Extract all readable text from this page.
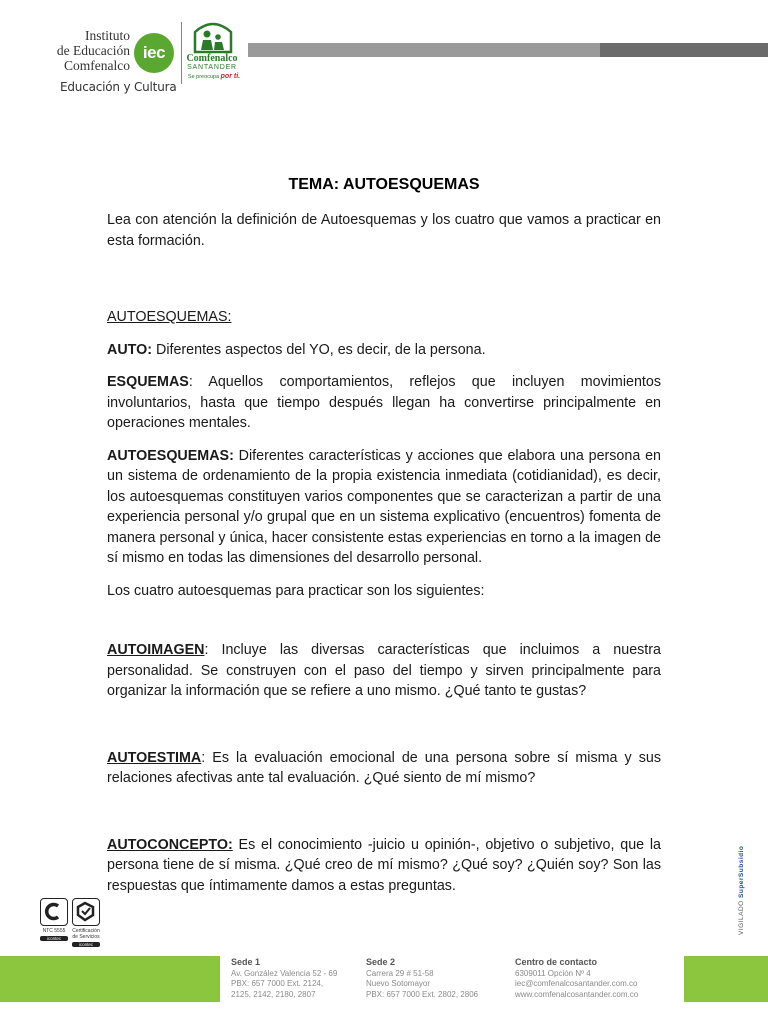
Instituto
de Educación
Comfenalco
iec
Educación y Cultura
Comfenalco
SANTANDER
Se preocupa por ti.
TEMA: AUTOESQUEMAS

Lea con atención la definición de Autoesquemas y los cuatro que vamos a practicar en esta formación.

AUTOESQUEMAS:

AUTO: Diferentes aspectos del YO, es decir, de la persona.

ESQUEMAS: Aquellos comportamientos, reflejos que incluyen movimientos involuntarios, hasta que tiempo después llegan ha convertirse principalmente en operaciones mentales.

AUTOESQUEMAS: Diferentes características y acciones que elabora una persona en un sistema de ordenamiento de la propia existencia inmediata (cotidianidad), es decir, los autoesquemas constituyen varios componentes que se caracterizan a partir de una experiencia personal y/o grupal que en un sistema explicativo (encuentros) fomenta de manera personal y única, hacer consistente estas experiencias en torno a la imagen de sí mismo en todas las dimensiones del desarrollo personal.

Los cuatro autoesquemas para practicar son los siguientes:

AUTOIMAGEN: Incluye las diversas características que incluimos a nuestra personalidad. Se construyen con el paso del tiempo y sirven principalmente para organizar la información que se refiere a uno mismo. ¿Qué tanto te gustas?

AUTOESTIMA: Es la evaluación emocional de una persona sobre sí misma y sus relaciones afectivas ante tal evaluación. ¿Qué siento de mí mismo?

AUTOCONCEPTO: Es el conocimiento -juicio u opinión-, objetivo o subjetivo, que la persona tiene de sí misma. ¿Qué creo de mí mismo? ¿Qué soy? ¿Quién soy? Son las respuestas que íntimamente damos a estas preguntas.

VIGILADO SuperSubsidio
NTC 5555
icontec
Certificación de Servicios
icontec
Sede 1
Av. González Valencia 52 - 69
PBX: 657 7000 Ext. 2124,
2125, 2142, 2180, 2807
Sede 2
Carrera 29 # 51-58
Nuevo Sotomayor
PBX: 657 7000 Ext. 2802, 2806
Centro de contacto
6309011 Opción Nº 4
iec@comfenalcosantander.com.co
www.comfenalcosantander.com.co
